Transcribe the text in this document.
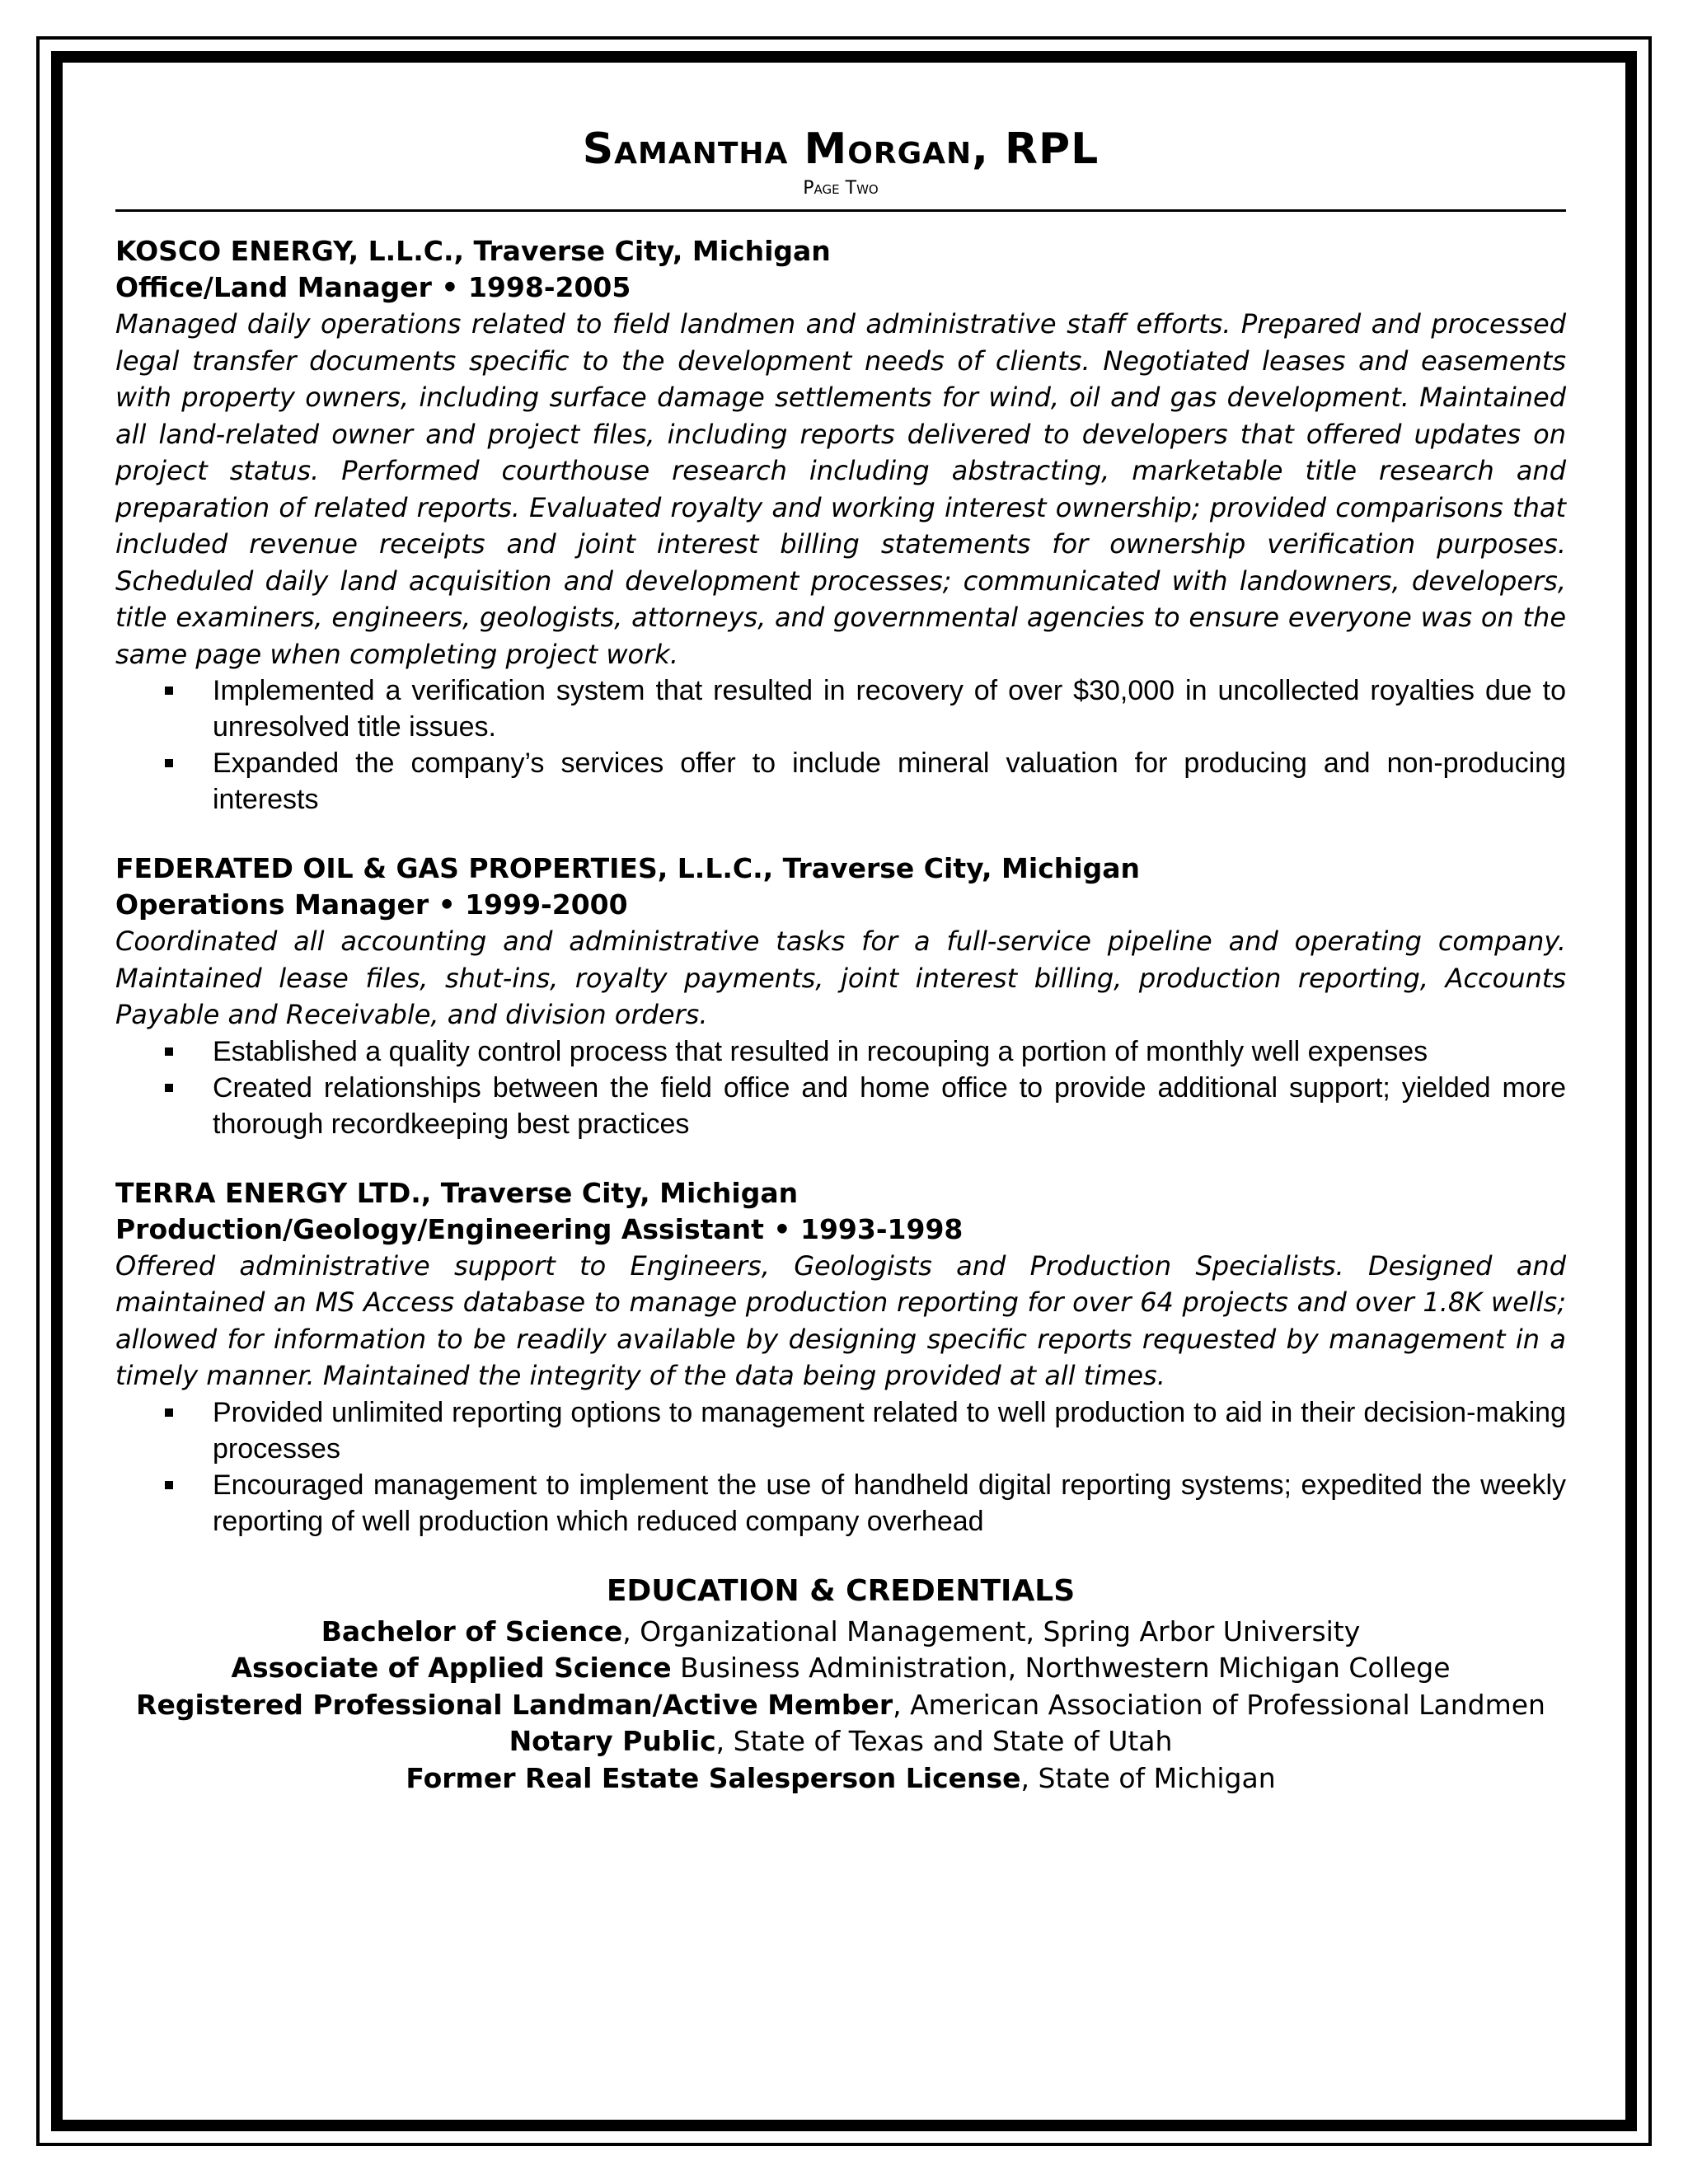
Samantha Morgan, RPL
Page Two
KOSCO ENERGY, L.L.C., Traverse City, Michigan
Office/Land Manager • 1998-2005
Managed daily operations related to field landmen and administrative staff efforts. Prepared and processed legal transfer documents specific to the development needs of clients. Negotiated leases and easements with property owners, including surface damage settlements for wind, oil and gas development. Maintained all land-related owner and project files, including reports delivered to developers that offered updates on project status. Performed courthouse research including abstracting, marketable title research and preparation of related reports. Evaluated royalty and working interest ownership; provided comparisons that included revenue receipts and joint interest billing statements for ownership verification purposes. Scheduled daily land acquisition and development processes; communicated with landowners, developers, title examiners, engineers, geologists, attorneys, and governmental agencies to ensure everyone was on the same page when completing project work.
Implemented a verification system that resulted in recovery of over $30,000 in uncollected royalties due to unresolved title issues.
Expanded the company’s services offer to include mineral valuation for producing and non-producing interests
FEDERATED OIL & GAS PROPERTIES, L.L.C., Traverse City, Michigan
Operations Manager • 1999-2000
Coordinated all accounting and administrative tasks for a full-service pipeline and operating company. Maintained lease files, shut-ins, royalty payments, joint interest billing, production reporting, Accounts Payable and Receivable, and division orders.
Established a quality control process that resulted in recouping a portion of monthly well expenses
Created relationships between the field office and home office to provide additional support; yielded more thorough recordkeeping best practices
TERRA ENERGY LTD., Traverse City, Michigan
Production/Geology/Engineering Assistant • 1993-1998
Offered administrative support to Engineers, Geologists and Production Specialists. Designed and maintained an MS Access database to manage production reporting for over 64 projects and over 1.8K wells; allowed for information to be readily available by designing specific reports requested by management in a timely manner. Maintained the integrity of the data being provided at all times.
Provided unlimited reporting options to management related to well production to aid in their decision-making processes
Encouraged management to implement the use of handheld digital reporting systems; expedited the weekly reporting of well production which reduced company overhead
EDUCATION & CREDENTIALS
Bachelor of Science, Organizational Management, Spring Arbor University
Associate of Applied Science Business Administration, Northwestern Michigan College
Registered Professional Landman/Active Member, American Association of Professional Landmen
Notary Public, State of Texas and State of Utah
Former Real Estate Salesperson License, State of Michigan
